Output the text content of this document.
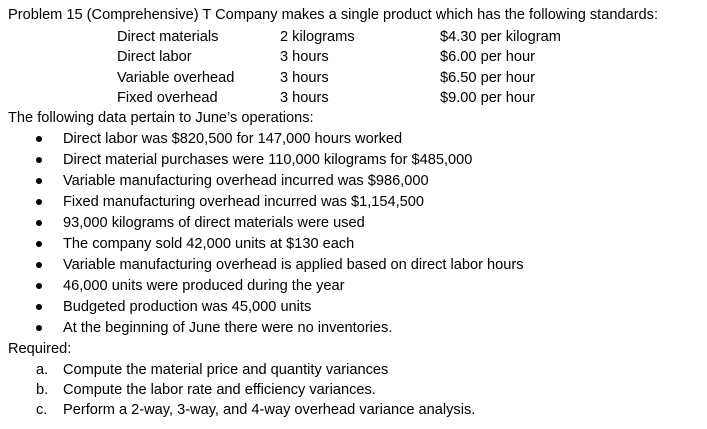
Problem 15 (Comprehensive) T Company makes a single product which has the following standards:
Direct materials	2 kilograms	$4.30 per kilogram
Direct labor	3 hours	$6.00 per hour
Variable overhead	3 hours	$6.50 per hour
Fixed overhead	3 hours	$9.00 per hour
The following data pertain to June’s operations:
Direct labor was $820,500 for 147,000 hours worked
Direct material purchases were 110,000 kilograms for $485,000
Variable manufacturing overhead incurred was $986,000
Fixed manufacturing overhead incurred was $1,154,500
93,000 kilograms of direct materials were used
The company sold 42,000 units at $130 each
Variable manufacturing overhead is applied based on direct labor hours
46,000 units were produced during the year
Budgeted production was 45,000 units
At the beginning of June there were no inventories.
Required:
a. Compute the material price and quantity variances
b. Compute the labor rate and efficiency variances.
c. Perform a 2-way, 3-way, and 4-way overhead variance analysis.
